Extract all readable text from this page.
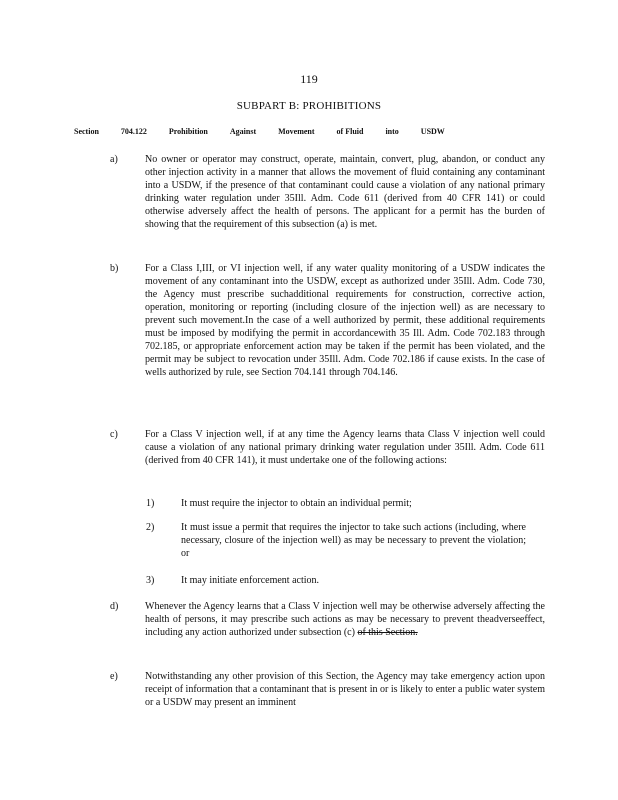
119
SUBPART B: PROHIBITIONS
Section	704.122	Prohibition	Against	Movement	of Fluid	into	USDW
a)	No owner or operator may construct, operate, maintain, convert, plug, abandon, or conduct any other injection activity in a manner that allows the movement of fluid containing any contaminant into a USDW, if the presence of that contaminant could cause a violation of any national primary drinking water regulation under 35Ill. Adm. Code 611 (derived from 40 CFR 141) or could otherwise adversely affect the health of persons. The applicant for a permit has the burden of showing that the requirement of this subsection (a) is met.
b)	For a Class I,III, or VI injection well, if any water quality monitoring of a USDW indicates the movement of any contaminant into the USDW, except as authorized under 35Ill. Adm. Code 730, the Agency must prescribe suchadditional requirements for construction, corrective action, operation, monitoring or reporting (including closure of the injection well) as are necessary to prevent such movement.In the case of a well authorized by permit, these additional requirements must be imposed by modifying the permit in accordancewith 35 Ill. Adm. Code 702.183 through 702.185, or appropriate enforcement action may be taken if the permit has been violated, and the permit may be subject to revocation under 35Ill. Adm. Code 702.186 if cause exists. In the case of wells authorized by rule, see Section 704.141 through 704.146.
c)	For a Class V injection well, if at any time the Agency learns thata Class V injection well could cause a violation of any national primary drinking water regulation under 35Ill. Adm. Code 611 (derived from 40 CFR 141), it must undertake one of the following actions:
1)	It must require the injector to obtain an individual permit;
2)	It must issue a permit that requires the injector to take such actions (including, where necessary, closure of the injection well) as may be necessary to prevent the violation; or
3)	It may initiate enforcement action.
d)	Whenever the Agency learns that a Class V injection well may be otherwise adversely affecting the health of persons, it may prescribe such actions as may be necessary to prevent theadverseeffect, including any action authorized under subsection (c) of this Section.
e)	Notwithstanding any other provision of this Section, the Agency may take emergency action upon receipt of information that a contaminant that is present in or is likely to enter a public water system or a USDW may present an imminent
